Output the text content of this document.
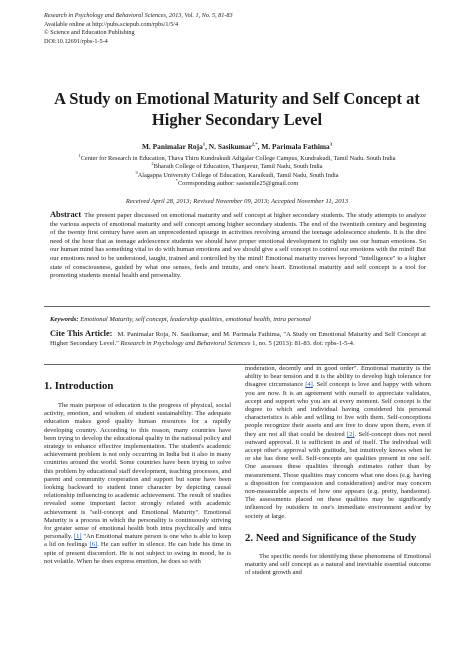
Research in Psychology and Behavioral Sciences, 2013, Vol. 1, No. 5, 81-83
Available online at http://pubs.sciepub.com/rpbs/1/5/4
© Science and Education Publishing
DOI:10.12691/rpbs-1-5-4
A Study on Emotional Maturity and Self Concept at
Higher Secondary Level
M. Panimalar Roja$^1$, N. Sasikumar$^{2,*}$, M. Parimala Fathima$^3$
$^1$Center for Research in Education, Thava Thiru Kundrakudi Adigalar College Campus, Kundrakudi, Tamil Nadu. South India
$^2$Bharath College of Education, Thanjavur, Tamil Nadu, South India
$^3$Alagappa University College of Education, Karaikudi, Tamil Nadu, South India
*Corresponding author: sasismile25@gmail.com
Received April 28, 2013; Revised November 09, 2013; Accepted November 11, 2013
Abstract The present paper discussed on emotional maturity and self concept at higher secondary students. The study attempts to analyze the various aspects of emotional maturity and self concept among higher secondary students. The end of the twentieth century and beginning of the twenty first century have seen an unprecedented upsurge in activities revolving around the teenage adolescence students. It is the dire need of the hour that as teenage adolescence students we should have proper emotional development to rightly use our human emotions. So our human mind has something vital to do with human emotions and we should give a self concept to control our emotions with the mind! But our emotions need to be understood, taught, trained and controlled by the mind! Emotional maturity moves beyond "intelligence" to a higher state of consciousness, guided by what one senses, feels and intuits, and one's heart. Emotional maturity and self concept is a tool for promoting students mental health and personality.
Keywords: Emotional Maturity, self concept, leadership qualities, emotional health, intra personal
Cite This Article: M. Panimalar Roja, N. Sasikumar, and M. Parimala Fathima, "A Study on Emotional Maturity and Self Concept at Higher Secondary Level." Research in Psychology and Behavioral Sciences 1, no. 5 (2013): 81-83. doi: rpbs-1-5-4.
1. Introduction

The main purpose of education is the progress of physical, social activity, emotion, and wisdom of student sustainability. The adequate education makes good quality human resources for a rapidly developing country. According to this reason, many countries have been trying to develop the educational quality in the national policy and strategy to enhance effective implementation. The student's academic achievement problem is not only occurring in India but it also in many countries around the world. Some countries have been trying to solve this problem by educational staff development, teaching processes, and parent and community cooperation and support but some have been looking backward to student inner character by depicting causal relationship influencing to academic achievement. The result of studies revealed some important factor strongly related with academic achievement is "self-concept and Emotional Maturity". Emotional Maturity is a process in which the personality is continuously striving for greater sense of emotional health both intra psychically and intra personally. [1] "An Emotional mature person is one who is able to keep a lid on feelings [6]. He can suffer in silence. He can bide his time in spite of present discomfort. He is not subject to swing in mood, he is not volatile. When he does express emotion, he does so with

moderation, decently and in good order". Emotional maturity is the ability to bear tension and it is the ability to develop high tolerance for disagree circumstance [4]. Self concept is love and happy with whom you are now. It is an agreement with ourself to appreciate validates, accept and support who you are at every moment. Self concept is the degree to which and individual having considered his personal characteristics is able and willing to live with them. Self-conceptions people recognize their assets and are free to draw upon them, even if they are not all that could be desired [2]. Self-concept does not need outward approval. It is sufficient in and of itself. The individual will accept other's approval with gratitude, but intuitively knows when he or she has done well. Self-concepts are qualities present in one self. One assesses these qualities through estimates rather than by measurement. Those qualities may concern what one does (e.g. having a disposition for compassion and consideration) and/or may concern non-measurable aspects of how one appears (e.g. pretty, handsome). The assessments placed on these qualities may be significantly influenced by outsiders in one's immediate environment and/or by society at large.

2. Need and Significance of the Study

The specific needs for identifying these phenomena of Emotional maturity and self concept as a natural and inevitable essential outcome of student growth and
